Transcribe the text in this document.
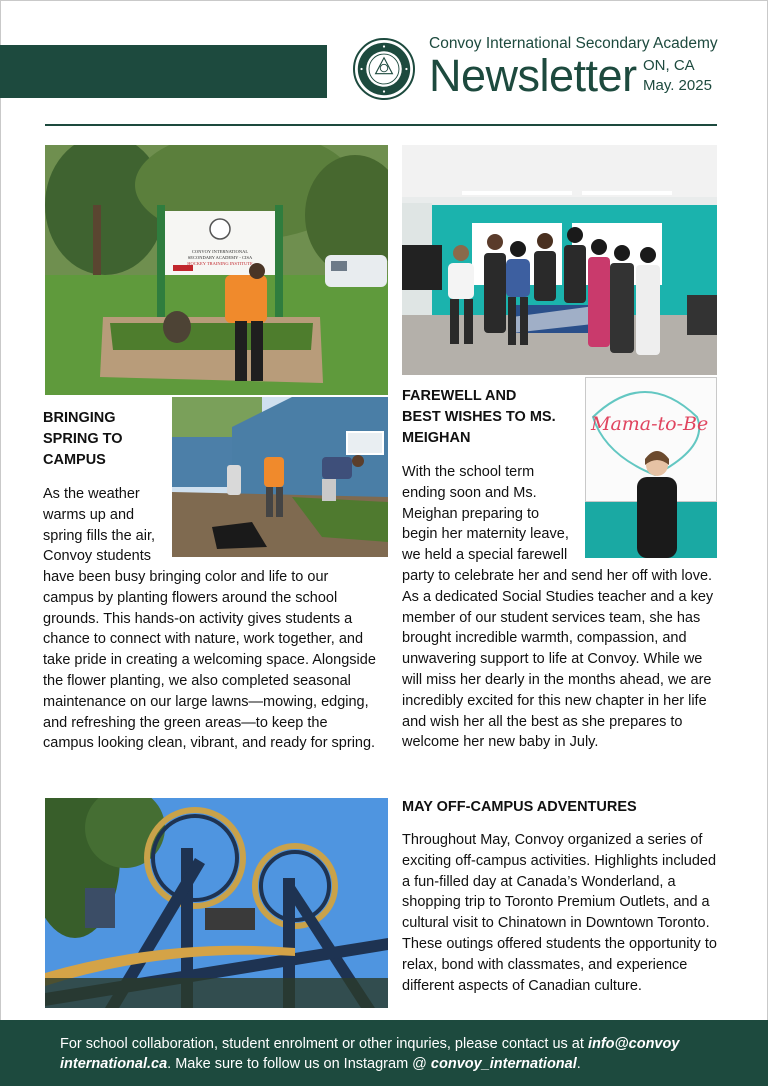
Convoy International Secondary Academy
Newsletter ON, CA
May. 2025
CONVOY INTERNATIONAL
SECONDARY ACADEMY - CISA
HOCKEY TRAINING INSTITUTE
Mama-to-Be
BRINGING
SPRING TO
CAMPUS
As the weather
warms up and
spring fills the air,
Convoy students
have been busy bringing color and life to our campus by planting flowers around the school grounds. This hands-on activity gives students a chance to connect with nature, work together, and take pride in creating a welcoming space. Alongside the flower planting, we also completed seasonal maintenance on our large lawns—mowing, edging, and refreshing the green areas—to keep the campus looking clean, vibrant, and ready for spring.
FAREWELL AND
BEST WISHES TO MS.
MEIGHAN
With the school term
ending soon and Ms.
Meighan preparing to
begin her maternity leave,
we held a special farewell
party to celebrate her and send her off with love. As a dedicated Social Studies teacher and a key member of our student services team, she has brought incredible warmth, compassion, and unwavering support to life at Convoy. While we will miss her dearly in the months ahead, we are incredibly excited for this new chapter in her life and wish her all the best as she prepares to welcome her new baby in July.
MAY OFF-CAMPUS ADVENTURES
Throughout May, Convoy organized a series of exciting off-campus activities. Highlights included a fun-filled day at Canada’s Wonderland, a shopping trip to Toronto Premium Outlets, and a cultural visit to Chinatown in Downtown Toronto. These outings offered students the opportunity to relax, bond with classmates, and experience different aspects of Canadian culture.
For school collaboration, student enrolment or other inquries, please contact us at info@convoy international.ca. Make sure to follow us on Instagram @ convoy_international.
